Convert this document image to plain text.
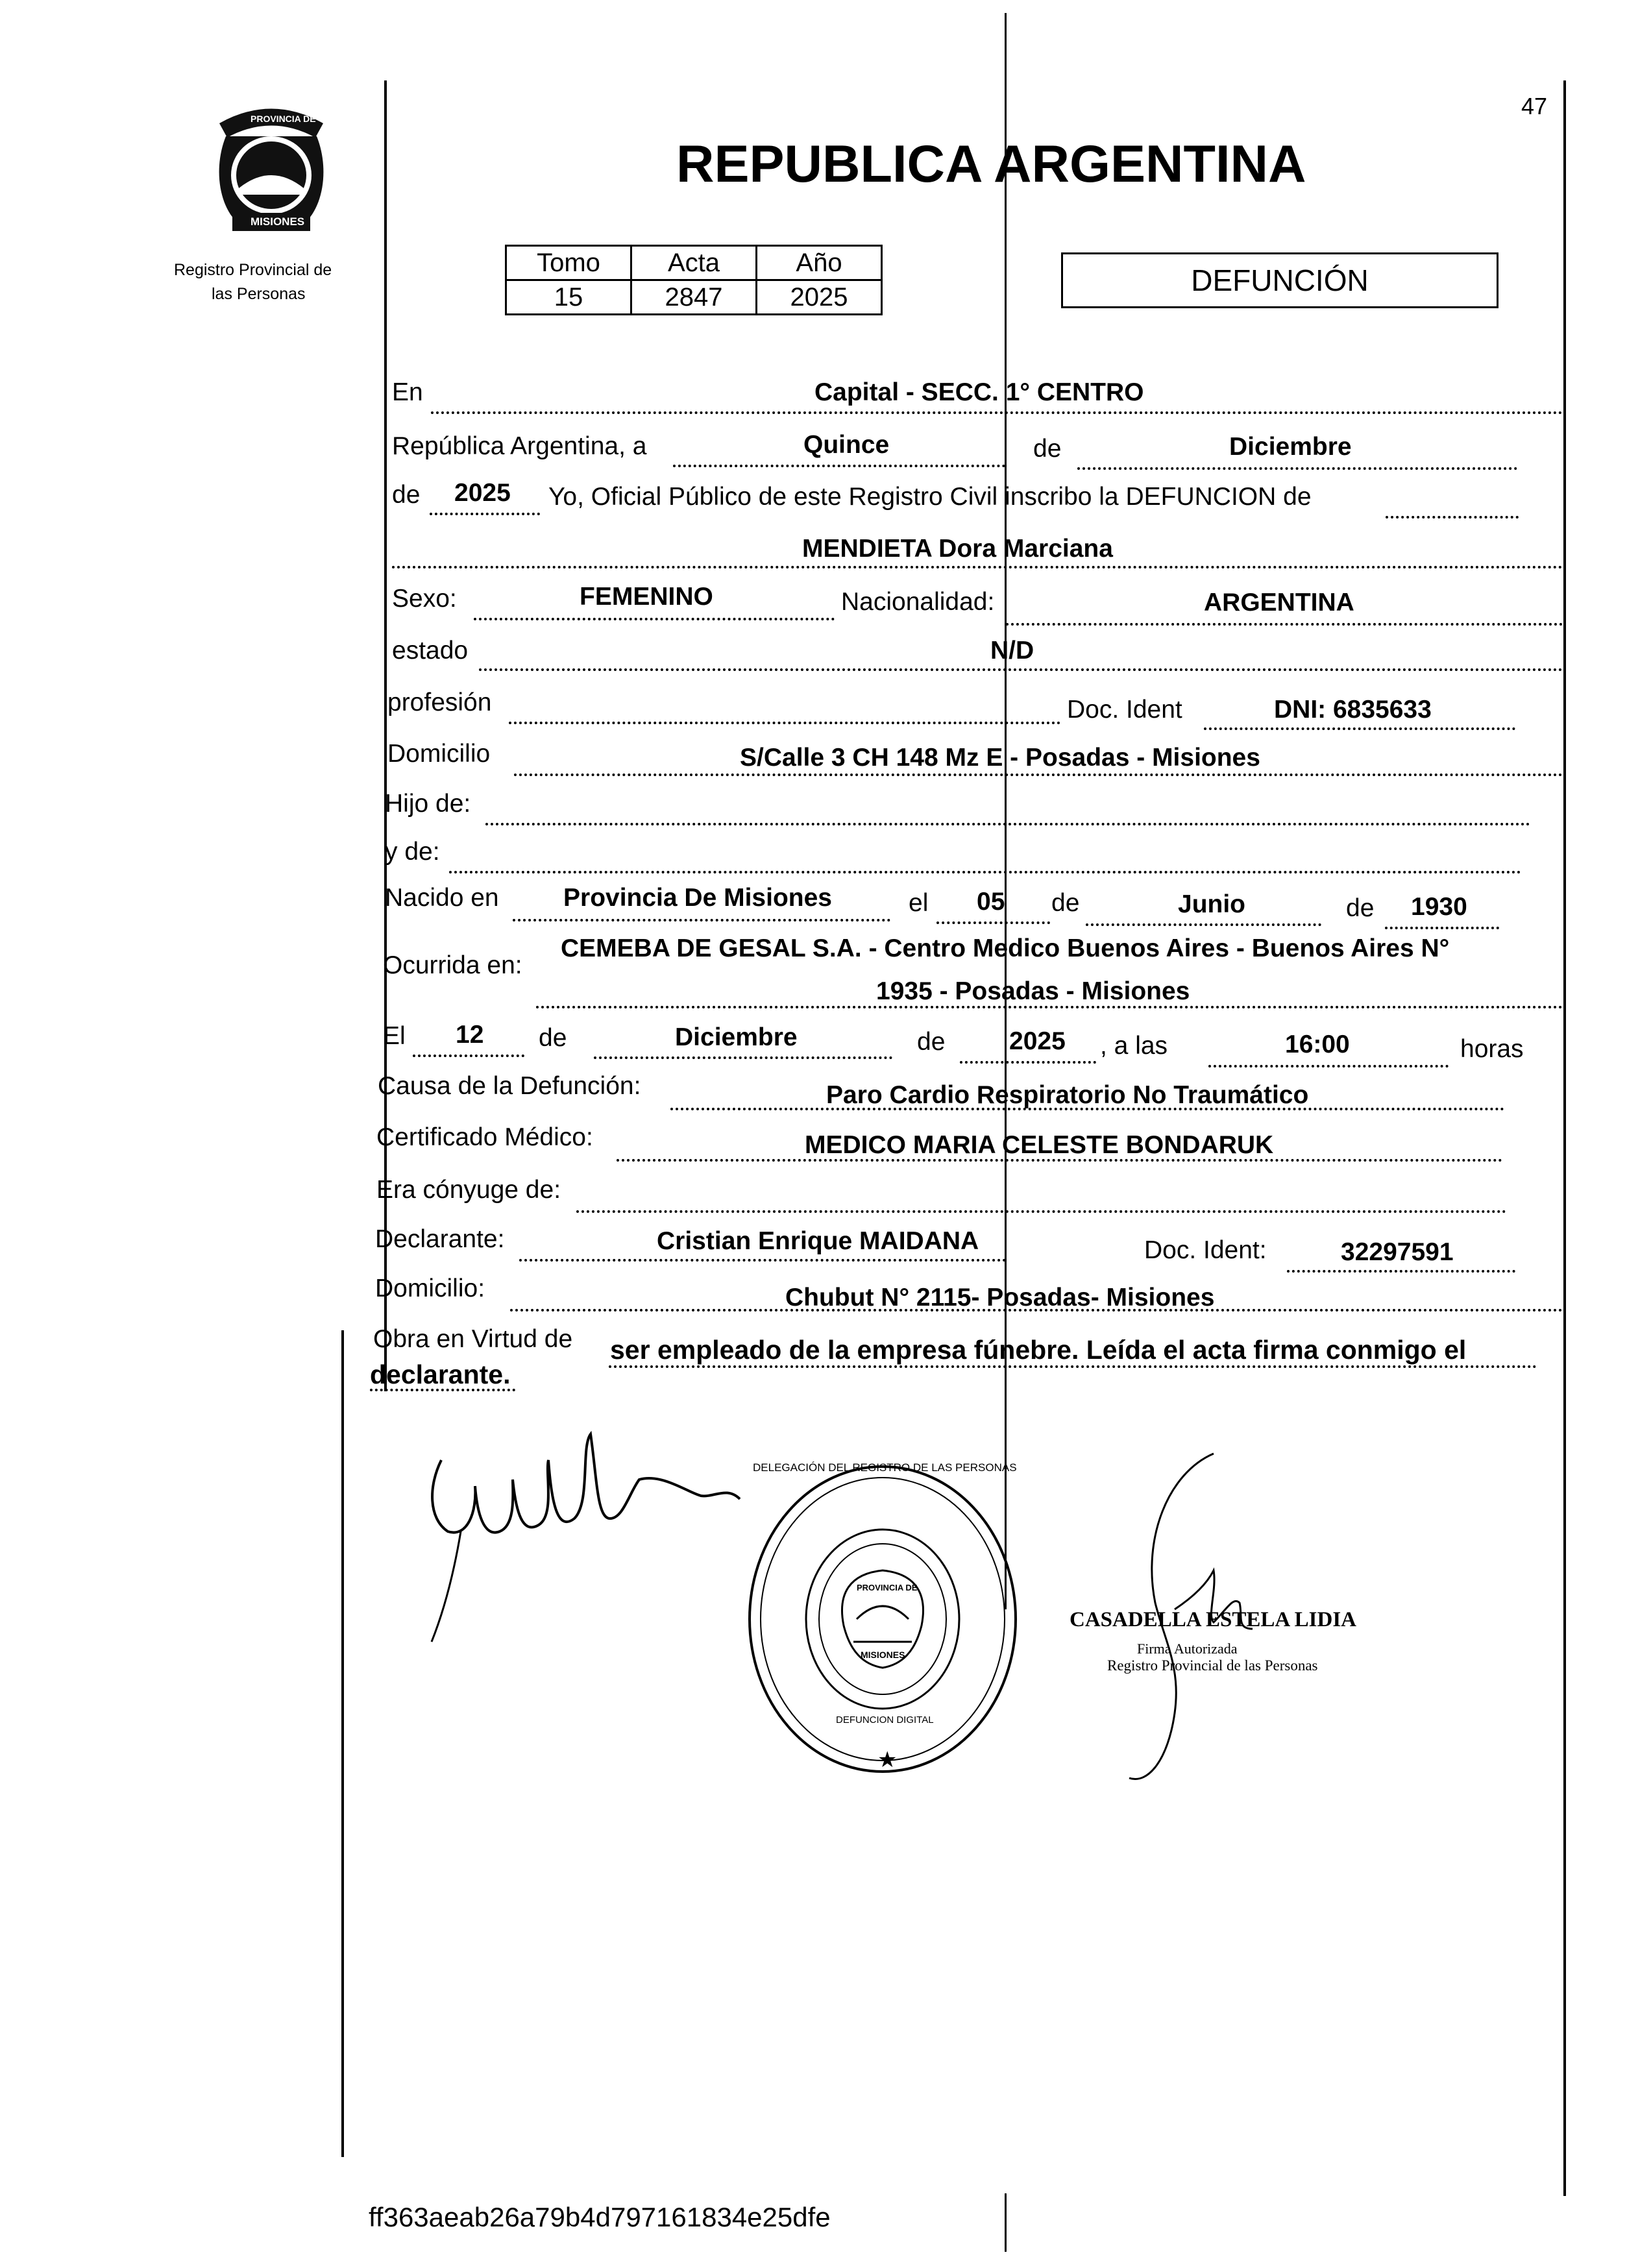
PROVINCIA DE
MISIONES
Registro Provincial de
las Personas
47
REPUBLICA ARGENTINA
Tomo	Acta	Año
15	2847	2025	DEFUNCIÓN
En	Capital - SECC. 1° CENTRO
República Argentina, a	Quince	de	Diciembre
de 2025 Yo, Oficial Público de este Registro Civil inscribo la DEFUNCION de
MENDIETA Dora Marciana
Sexo:	FEMENINO	Nacionalidad:	ARGENTINA
estado	N/D
profesión	Doc. Ident	DNI: 6835633
Domicilio	S/Calle 3 CH 148 Mz E - Posadas - Misiones
Hijo de:
y de:
Nacido en	Provincia De Misiones	el 05 de	Junio	de 1930
Ocurrida en:
CEMEBA DE GESAL S.A. - Centro Medico Buenos Aires - Buenos Aires N°
1935 - Posadas - Misiones
El 12 de	Diciembre	de	2025 , a las	16:00	horas
Causa de la Defunción:	Paro Cardio Respiratorio No Traumático
Certificado Médico:	MEDICO MARIA CELESTE BONDARUK
Era cónyuge de:
Declarante:	Cristian Enrique MAIDANA	Doc. Ident:	32297591
Domicilio:	Chubut N° 2115- Posadas- Misiones
Obra en Virtud de ser empleado de la empresa fúnebre. Leída el acta firma conmigo el
declarante.
★
DELEGACIÓN DEL REGISTRO DE LAS PERSONAS
DEFUNCION DIGITAL
PROVINCIA DE
MISIONES
CASADELLA ESTELA LIDIA
Firma Autorizada
Registro Provincial de las Personas
ff363aeab26a79b4d797161834e25dfe
